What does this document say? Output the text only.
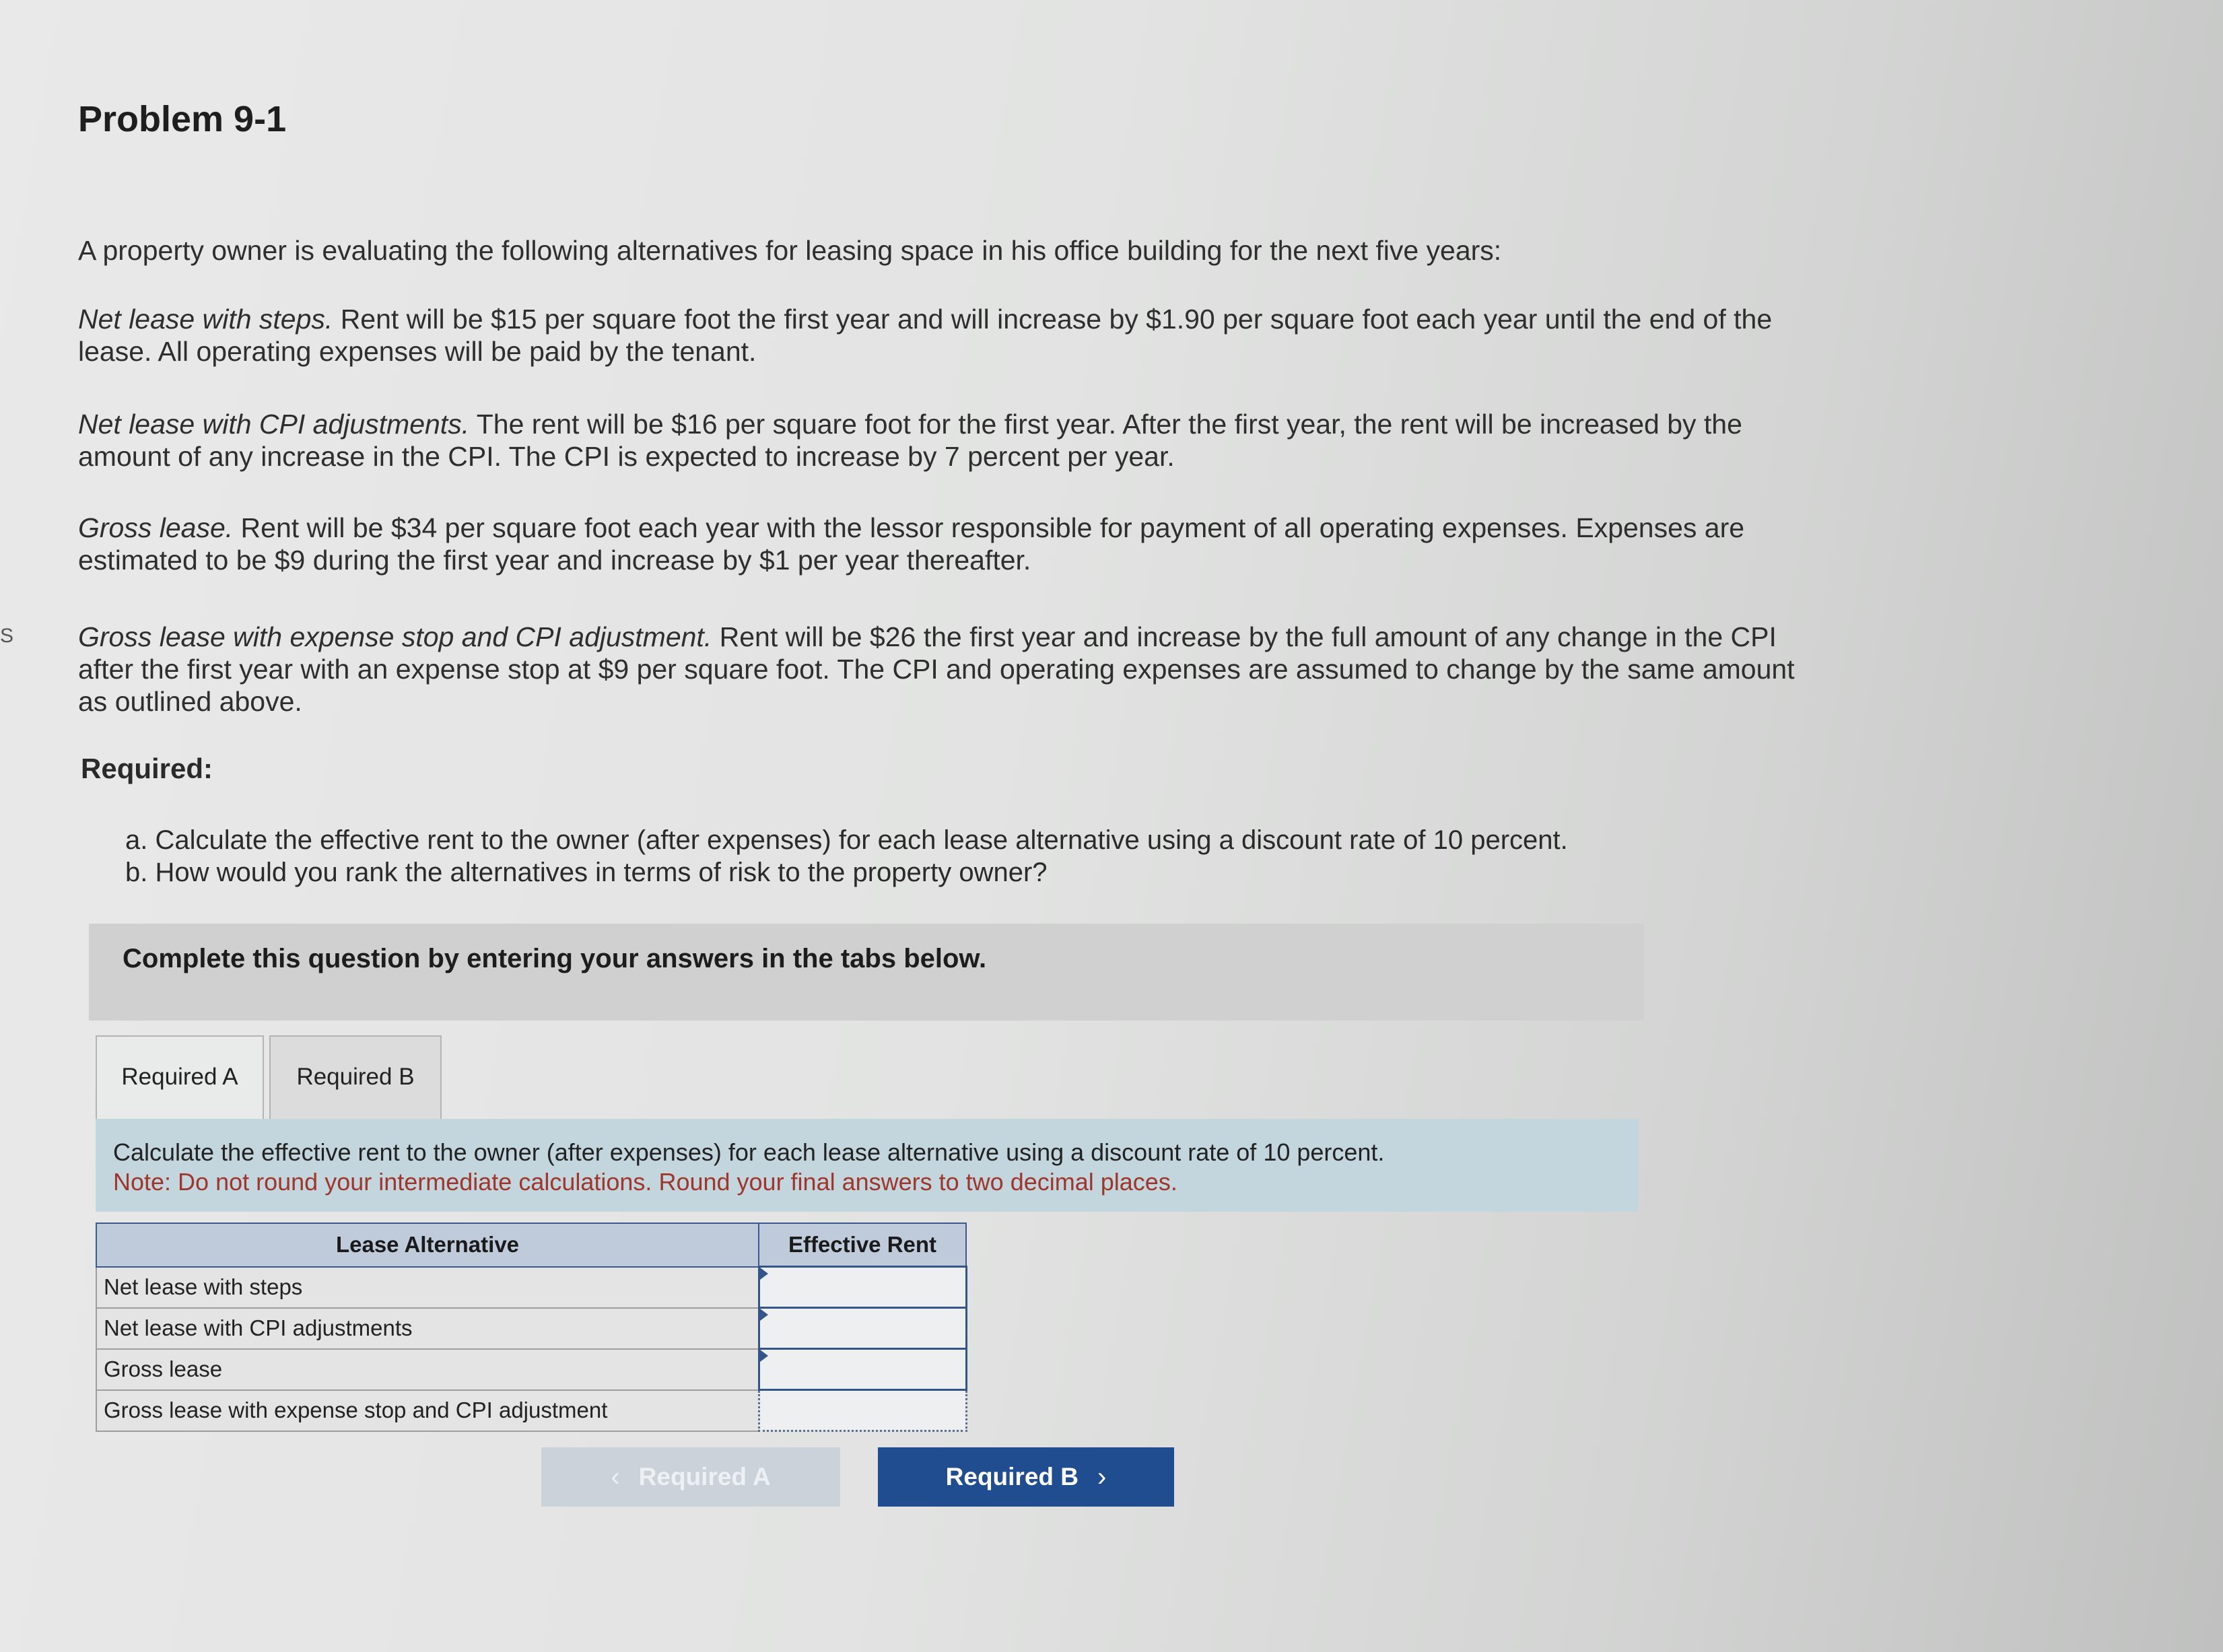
S
Problem 9-1
A property owner is evaluating the following alternatives for leasing space in his office building for the next five years:
Net lease with steps. Rent will be $15 per square foot the first year and will increase by $1.90 per square foot each year until the end of the lease. All operating expenses will be paid by the tenant.
Net lease with CPI adjustments. The rent will be $16 per square foot for the first year. After the first year, the rent will be increased by the amount of any increase in the CPI. The CPI is expected to increase by 7 percent per year.
Gross lease. Rent will be $34 per square foot each year with the lessor responsible for payment of all operating expenses. Expenses are estimated to be $9 during the first year and increase by $1 per year thereafter.
Gross lease with expense stop and CPI adjustment. Rent will be $26 the first year and increase by the full amount of any change in the CPI after the first year with an expense stop at $9 per square foot. The CPI and operating expenses are assumed to change by the same amount as outlined above.
Required:
a. Calculate the effective rent to the owner (after expenses) for each lease alternative using a discount rate of 10 percent.
b. How would you rank the alternatives in terms of risk to the property owner?
Complete this question by entering your answers in the tabs below.
Required A	Required B
Calculate the effective rent to the owner (after expenses) for each lease alternative using a discount rate of 10 percent.
Note: Do not round your intermediate calculations. Round your final answers to two decimal places.
Lease Alternative	Effective Rent
Net lease with steps	
Net lease with CPI adjustments	
Gross lease	
Gross lease with expense stop and CPI adjustment	
‹ Required A	Required B ›
